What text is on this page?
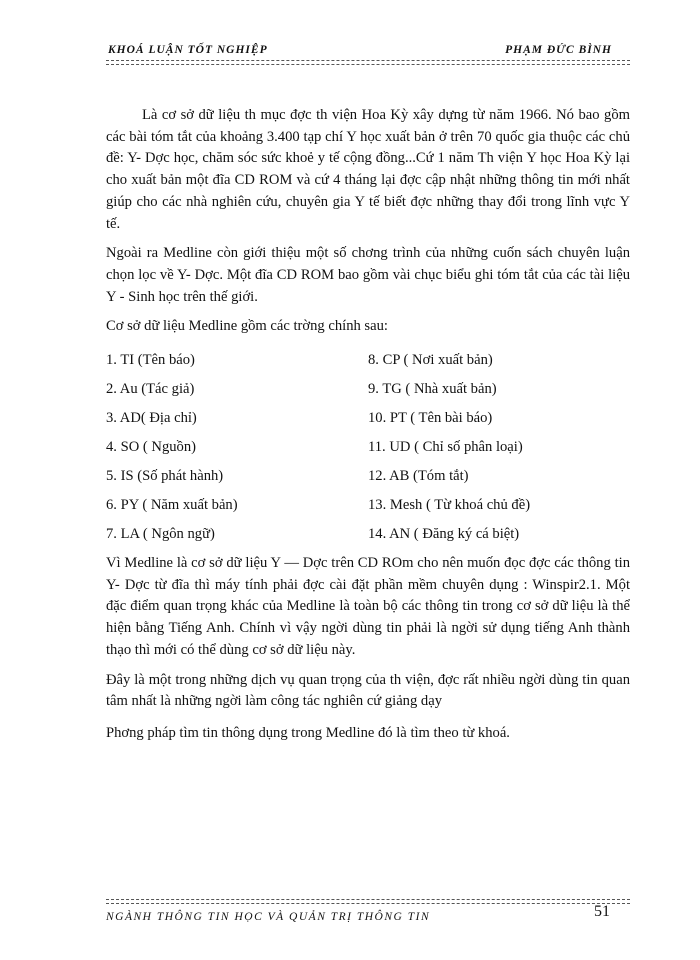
KHOÁ LUẬN TỐT NGHIỆP	PHẠM ĐỨC BÌNH

Là cơ sở dữ liệu th mục đợc th viện Hoa Kỳ xây dựng từ năm 1966. Nó bao gồm các bài tóm tắt của khoảng 3.400 tạp chí Y học xuất bản ở trên 70 quốc gia thuộc các chủ đề: Y- Dợc học, chăm sóc sức khoẻ y tế cộng đồng...Cứ 1 năm Th viện Y học Hoa Kỳ lại cho xuất bản một đĩa CD ROM và cứ 4 tháng lại đợc cập nhật những thông tin mới nhất giúp cho các nhà nghiên cứu, chuyên gia Y tế biết đợc những thay đổi trong lĩnh vực Y tế.

Ngoài ra Medline còn giới thiệu một số chơng trình của những cuốn sách chuyên luận chọn lọc về Y- Dợc. Một đĩa CD ROM bao gồm vài chục biểu ghi tóm tắt của các tài liệu Y - Sinh học trên thế giới.

Cơ sở dữ liệu Medline gồm các trờng chính sau:

1. TI (Tên báo)	8. CP ( Nơi xuất bản)
2. Au (Tác giả)	9. TG ( Nhà xuất bản)
3. AD( Địa chỉ)	10. PT ( Tên bài báo)
4. SO ( Nguồn)	11. UD ( Chỉ số phân loại)
5. IS (Số phát hành)	12. AB (Tóm tắt)
6. PY ( Năm xuất bản)	13. Mesh ( Từ khoá chủ đề)
7. LA ( Ngôn ngữ)	14. AN ( Đăng ký cá biệt)

Vì Medline là cơ sở dữ liệu Y — Dợc trên CD ROm cho nên muốn đọc đợc các thông tin Y- Dợc từ đĩa thì máy tính phải đợc cài đặt phần mềm chuyên dụng : Winspir2.1. Một đặc điểm quan trọng khác của Medline là toàn bộ các thông tin trong cơ sở dữ liệu là thể hiện bằng Tiếng Anh. Chính vì vậy ngời dùng tin phải là ngời sử dụng tiếng Anh thành thạo thì mới có thể dùng cơ sở dữ liệu này.

Đây là một trong những dịch vụ quan trọng của th viện, đợc rất nhiều ngời dùng tin quan tâm nhất là những ngời làm công tác nghiên cứ giảng dạy

Phơng pháp tìm tin thông dụng trong Medline đó là tìm theo từ khoá.

NGÀNH THÔNG TIN HỌC VÀ QUẢN TRỊ THÔNG TIN	51
